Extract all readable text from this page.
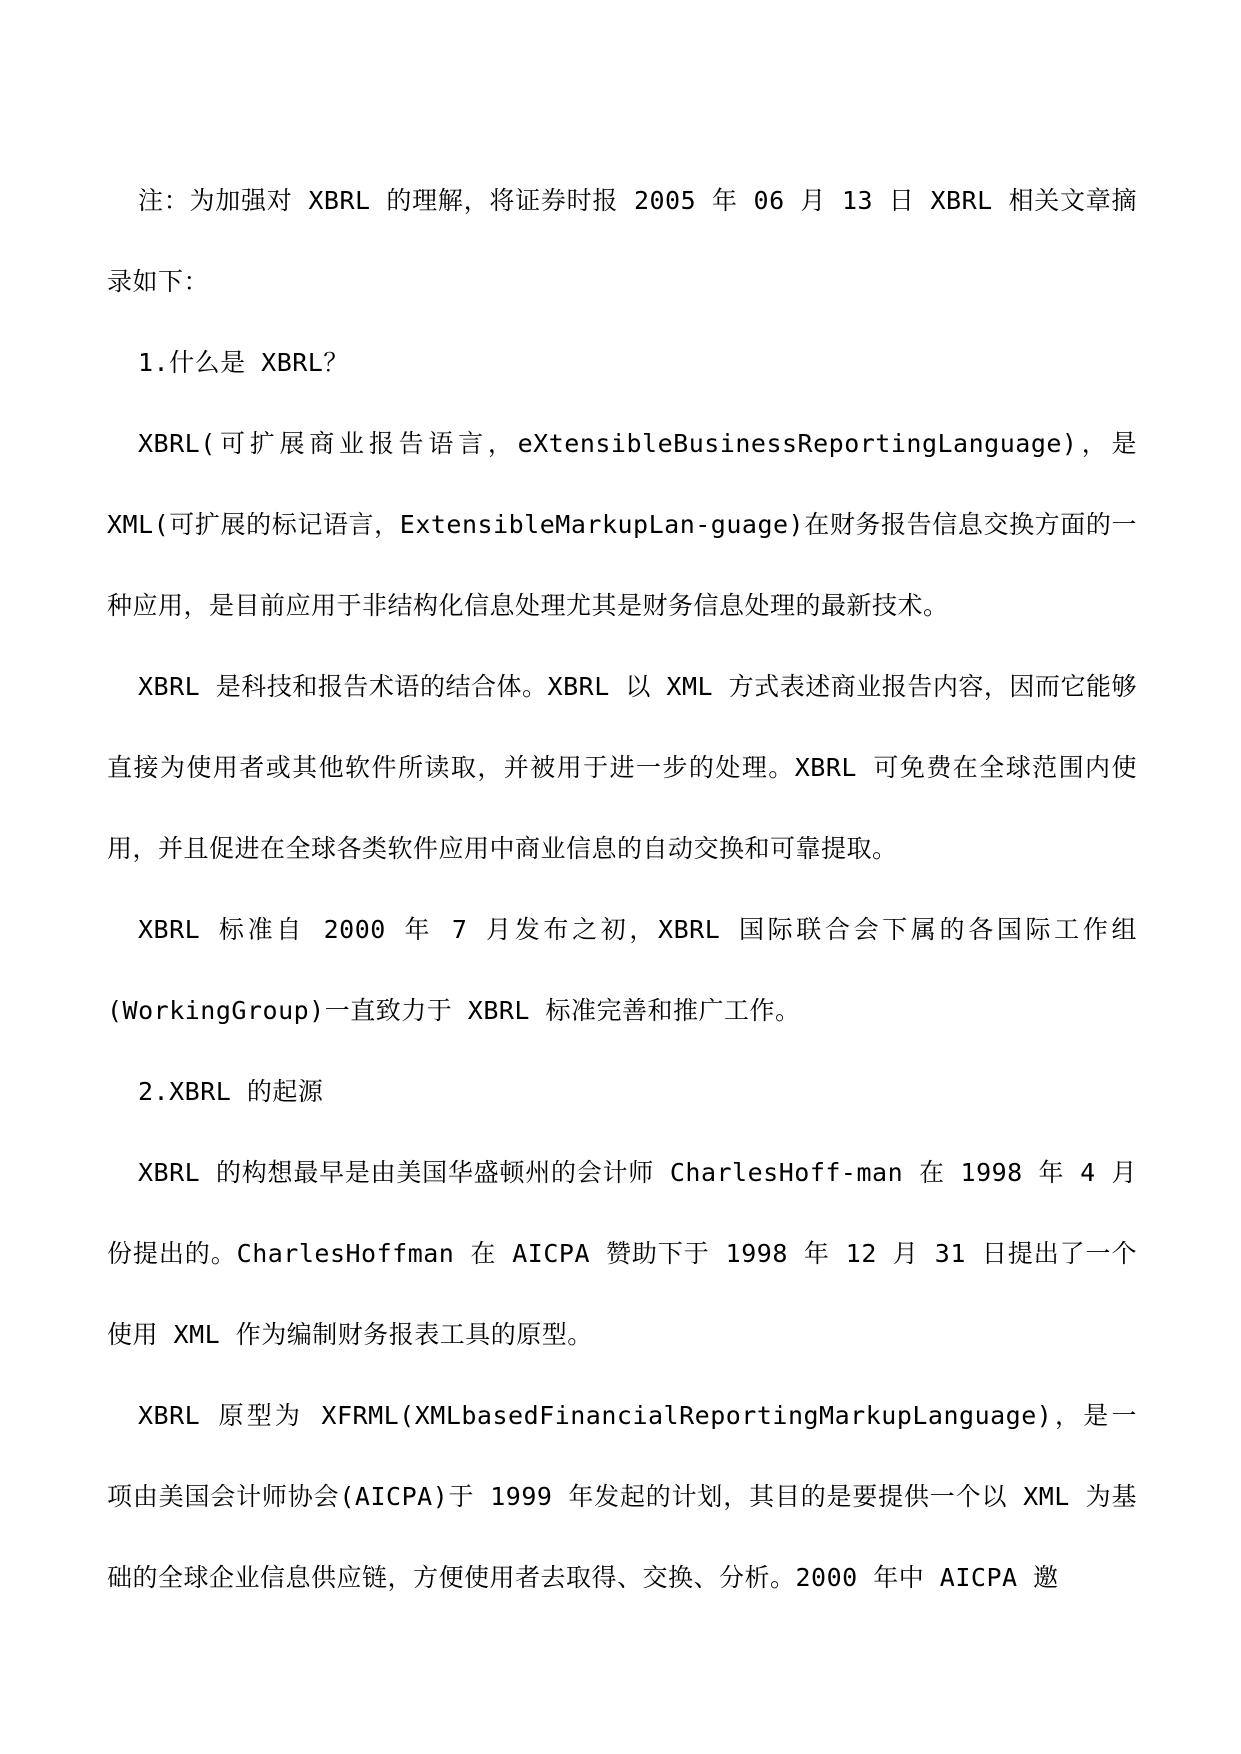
注：为加强对 XBRL 的理解，将证券时报 2005 年 06 月 13 日 XBRL 相关文章摘录如下：

1.什么是 XBRL？

XBRL(可扩展商业报告语言，eXtensibleBusinessReportingLanguage)，是 XML(可扩展的标记语言，ExtensibleMarkupLan-guage)在财务报告信息交换方面的一种应用，是目前应用于非结构化信息处理尤其是财务信息处理的最新技术。

XBRL 是科技和报告术语的结合体。XBRL 以 XML 方式表述商业报告内容，因而它能够直接为使用者或其他软件所读取，并被用于进一步的处理。XBRL 可免费在全球范围内使用，并且促进在全球各类软件应用中商业信息的自动交换和可靠提取。

XBRL 标准自 2000 年 7 月发布之初，XBRL 国际联合会下属的各国际工作组(WorkingGroup)一直致力于 XBRL 标准完善和推广工作。

2.XBRL 的起源

XBRL 的构想最早是由美国华盛顿州的会计师 CharlesHoff-man 在 1998 年 4 月份提出的。CharlesHoffman 在 AICPA 赞助下于 1998 年 12 月 31 日提出了一个使用 XML 作为编制财务报表工具的原型。

XBRL 原型为 XFRML(XMLbasedFinancialReportingMarkupLanguage)，是一项由美国会计师协会(AICPA)于 1999 年发起的计划，其目的是要提供一个以 XML 为基础的全球企业信息供应链，方便使用者去取得、交换、分析。2000 年中 AICPA 邀
